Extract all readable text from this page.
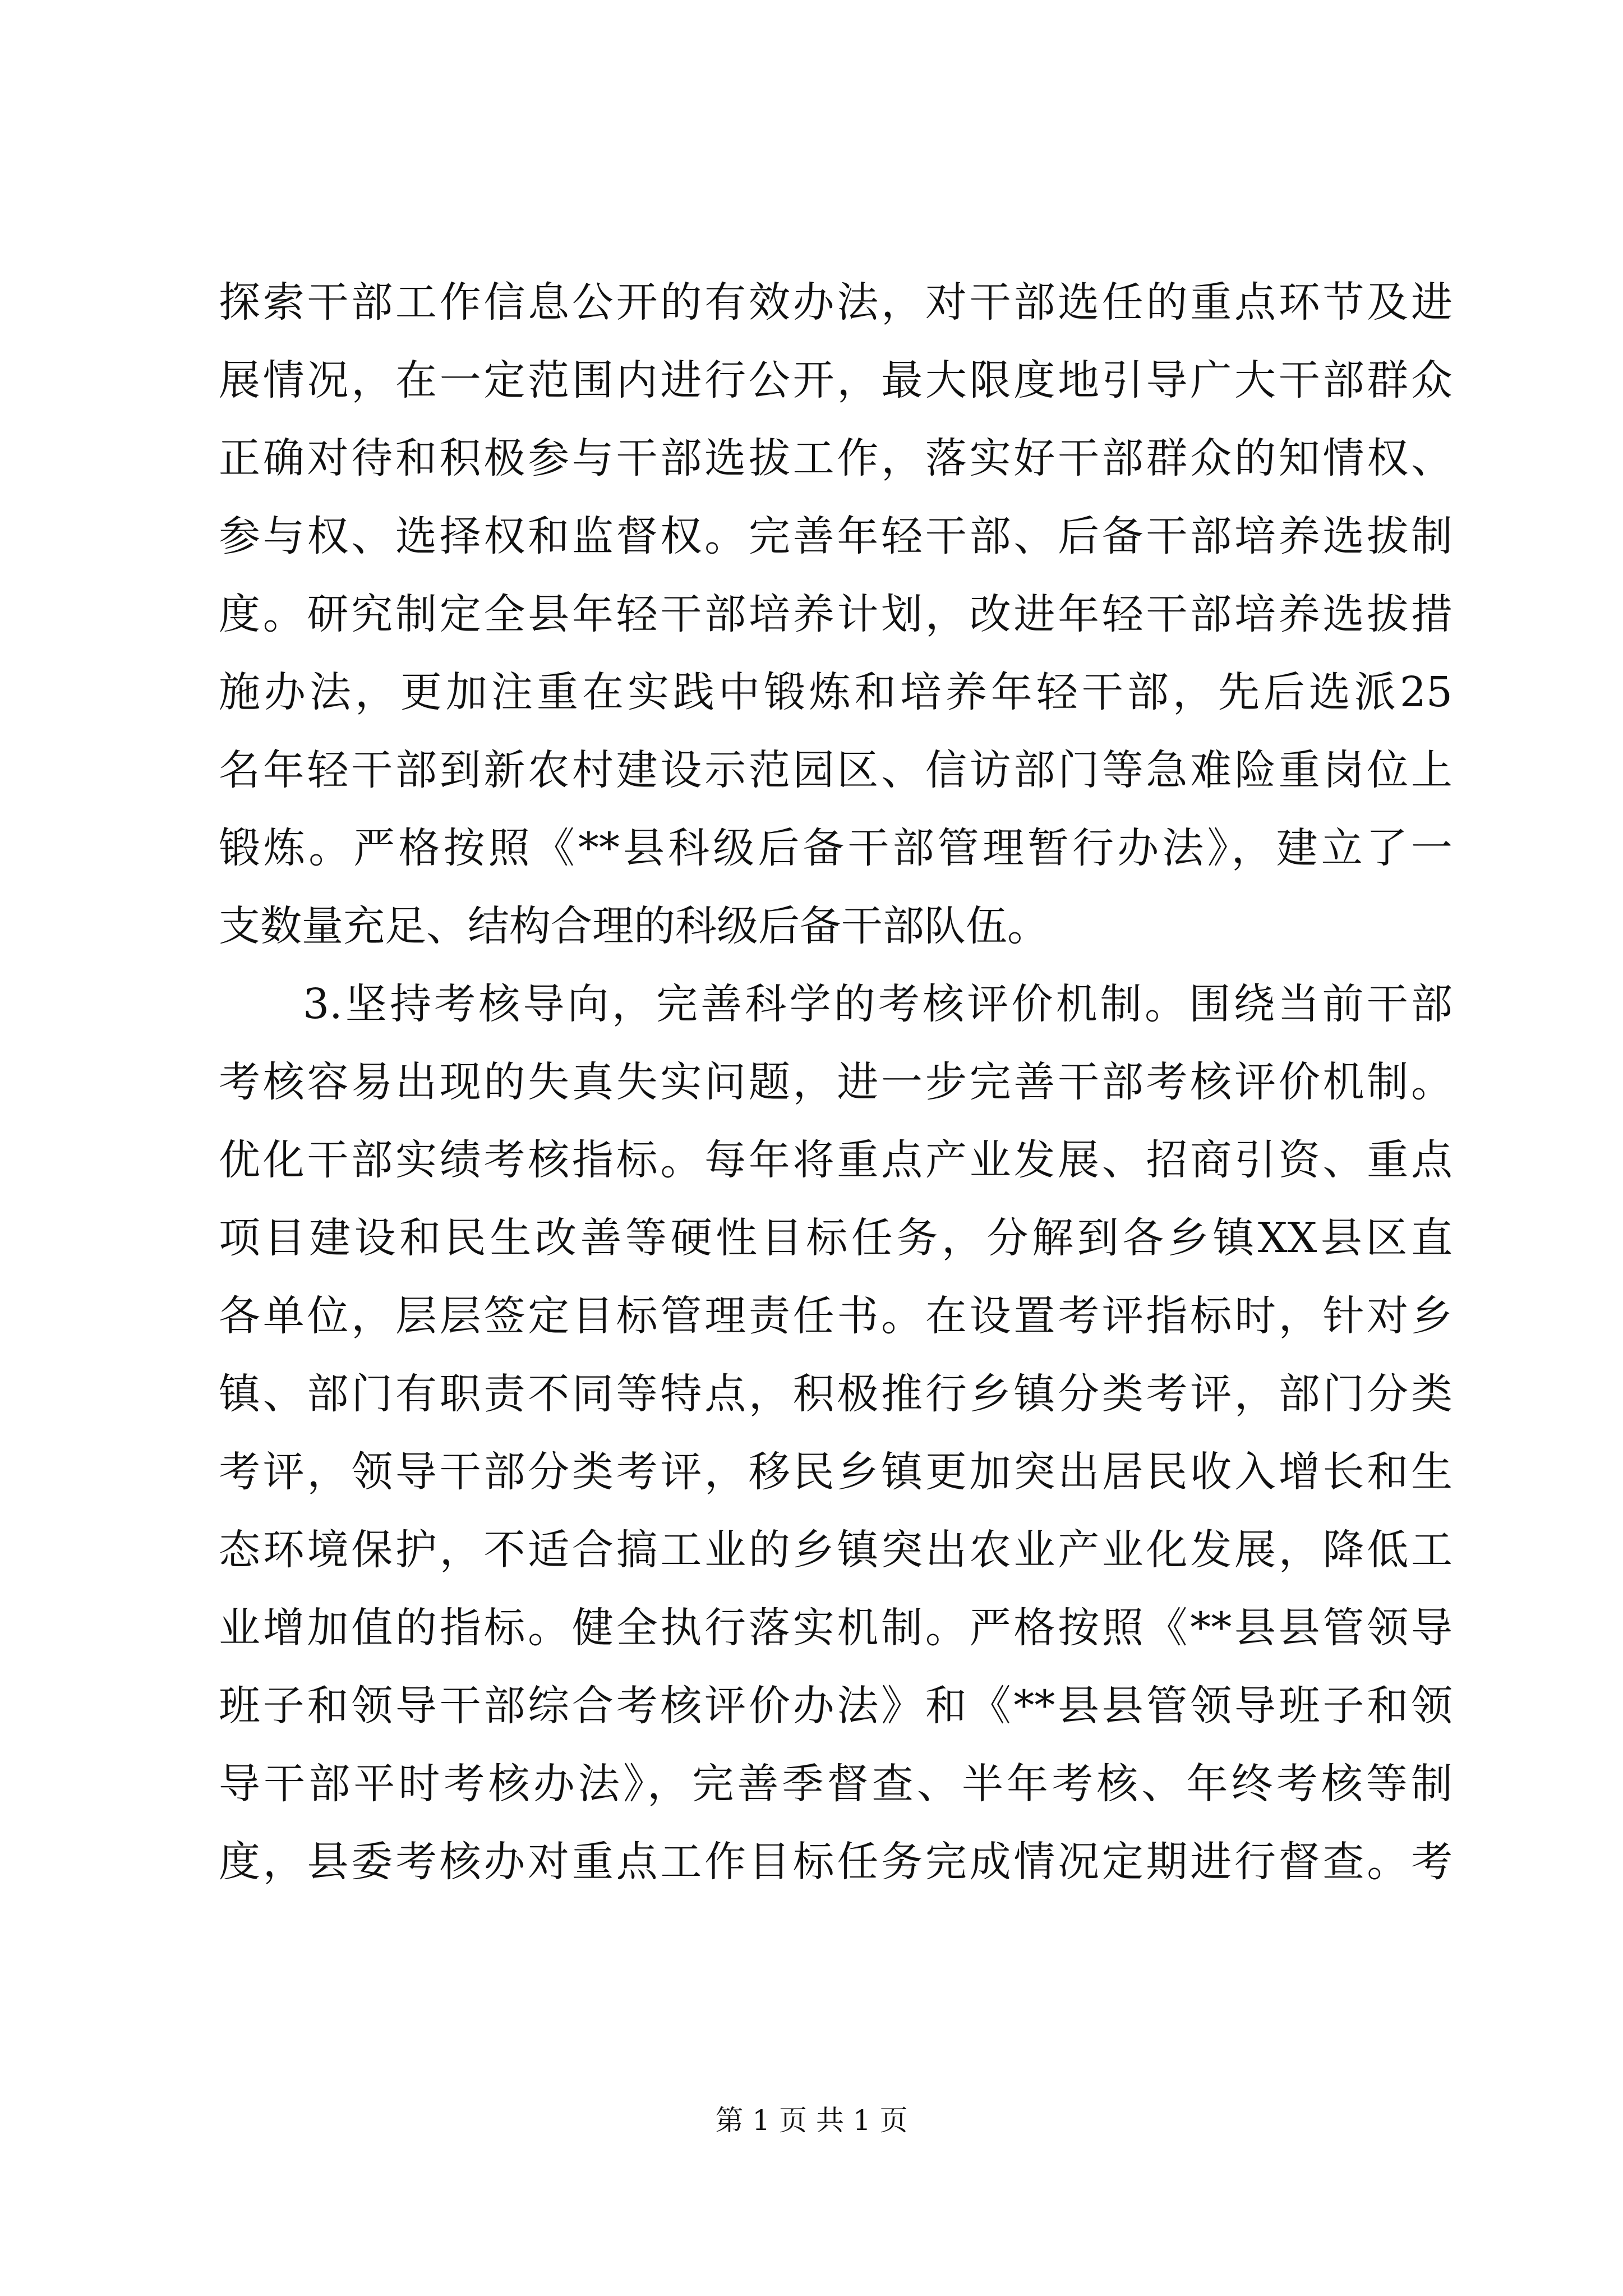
探索干部工作信息公开的有效办法，对干部选任的重点环节及进
展情况，在一定范围内进行公开，最大限度地引导广大干部群众
正确对待和积极参与干部选拔工作，落实好干部群众的知情权、
参与权、选择权和监督权。完善年轻干部、后备干部培养选拔制
度。研究制定全县年轻干部培养计划，改进年轻干部培养选拔措
施办法，更加注重在实践中锻炼和培养年轻干部，先后选派25
名年轻干部到新农村建设示范园区、信访部门等急难险重岗位上
锻炼。严格按照《**县科级后备干部管理暂行办法》，建立了一
支数量充足、结构合理的科级后备干部队伍。
3.坚持考核导向，完善科学的考核评价机制。围绕当前干部
考核容易出现的失真失实问题，进一步完善干部考核评价机制。
优化干部实绩考核指标。每年将重点产业发展、招商引资、重点
项目建设和民生改善等硬性目标任务，分解到各乡镇XX县区直
各单位，层层签定目标管理责任书。在设置考评指标时，针对乡
镇、部门有职责不同等特点，积极推行乡镇分类考评，部门分类
考评，领导干部分类考评，移民乡镇更加突出居民收入增长和生
态环境保护，不适合搞工业的乡镇突出农业产业化发展，降低工
业增加值的指标。健全执行落实机制。严格按照《**县县管领导
班子和领导干部综合考核评价办法》和《**县县管领导班子和领
导干部平时考核办法》，完善季督查、半年考核、年终考核等制
度，县委考核办对重点工作目标任务完成情况定期进行督查。考
第 1 页 共 1 页
